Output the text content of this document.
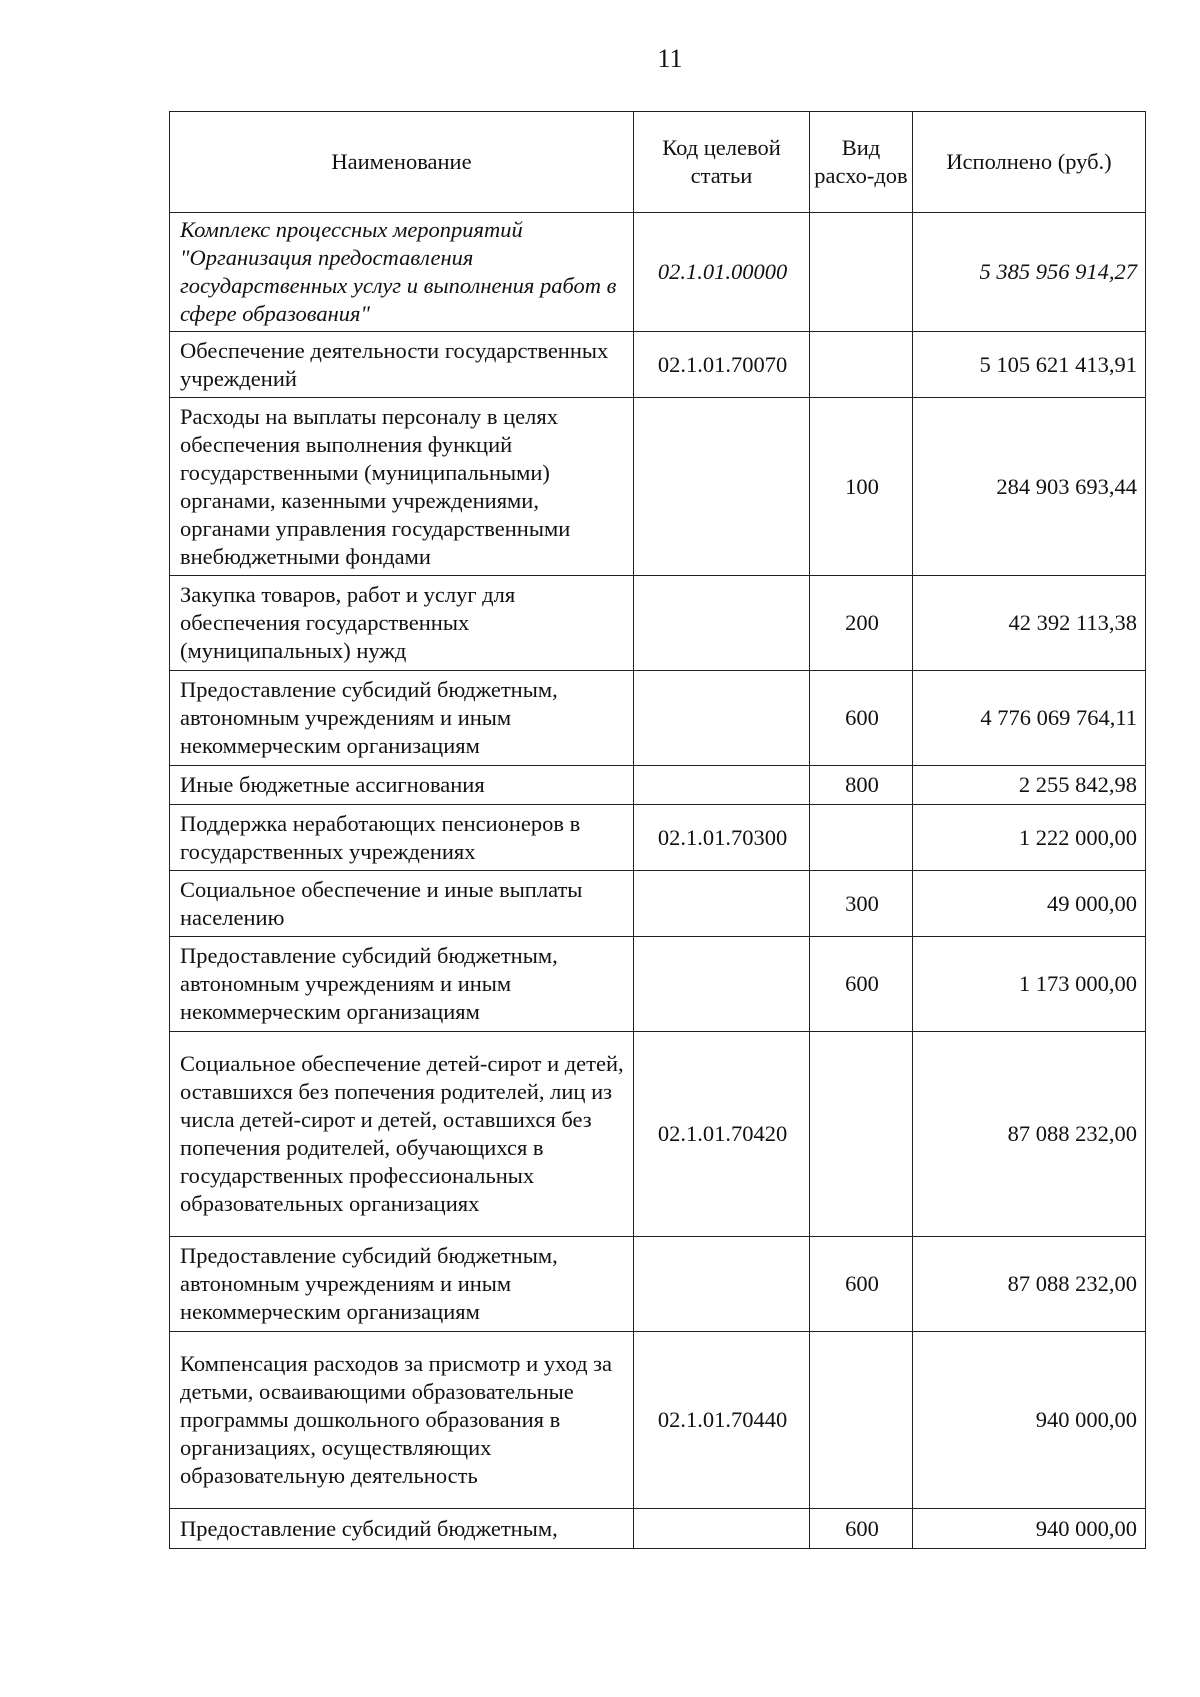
11
Наименование	Код целевой статьи	Вид расхо-дов	Исполнено (руб.)
Комплекс процессных мероприятий "Организация предоставления государственных услуг и выполнения работ в сфере образования"	02.1.01.00000		5 385 956 914,27
Обеспечение деятельности государственных учреждений	02.1.01.70070		5 105 621 413,91
Расходы на выплаты персоналу в целях обеспечения выполнения функций государственными (муниципальными) органами, казенными учреждениями, органами управления государственными внебюджетными фондами		100	284 903 693,44
Закупка товаров, работ и услуг для обеспечения государственных (муниципальных) нужд		200	42 392 113,38
Предоставление субсидий бюджетным, автономным учреждениям и иным некоммерческим организациям		600	4 776 069 764,11
Иные бюджетные ассигнования		800	2 255 842,98
Поддержка неработающих пенсионеров в государственных учреждениях	02.1.01.70300		1 222 000,00
Социальное обеспечение и иные выплаты населению		300	49 000,00
Предоставление субсидий бюджетным, автономным учреждениям и иным некоммерческим организациям		600	1 173 000,00
Социальное обеспечение детей-сирот и детей, оставшихся без попечения родителей, лиц из числа детей-сирот и детей, оставшихся без попечения родителей, обучающихся в государственных профессиональных образовательных организациях	02.1.01.70420		87 088 232,00
Предоставление субсидий бюджетным, автономным учреждениям и иным некоммерческим организациям		600	87 088 232,00
Компенсация расходов за присмотр и уход за детьми, осваивающими образовательные программы дошкольного образования в организациях, осуществляющих образовательную деятельность	02.1.01.70440		940 000,00
Предоставление субсидий бюджетным,		600	940 000,00
